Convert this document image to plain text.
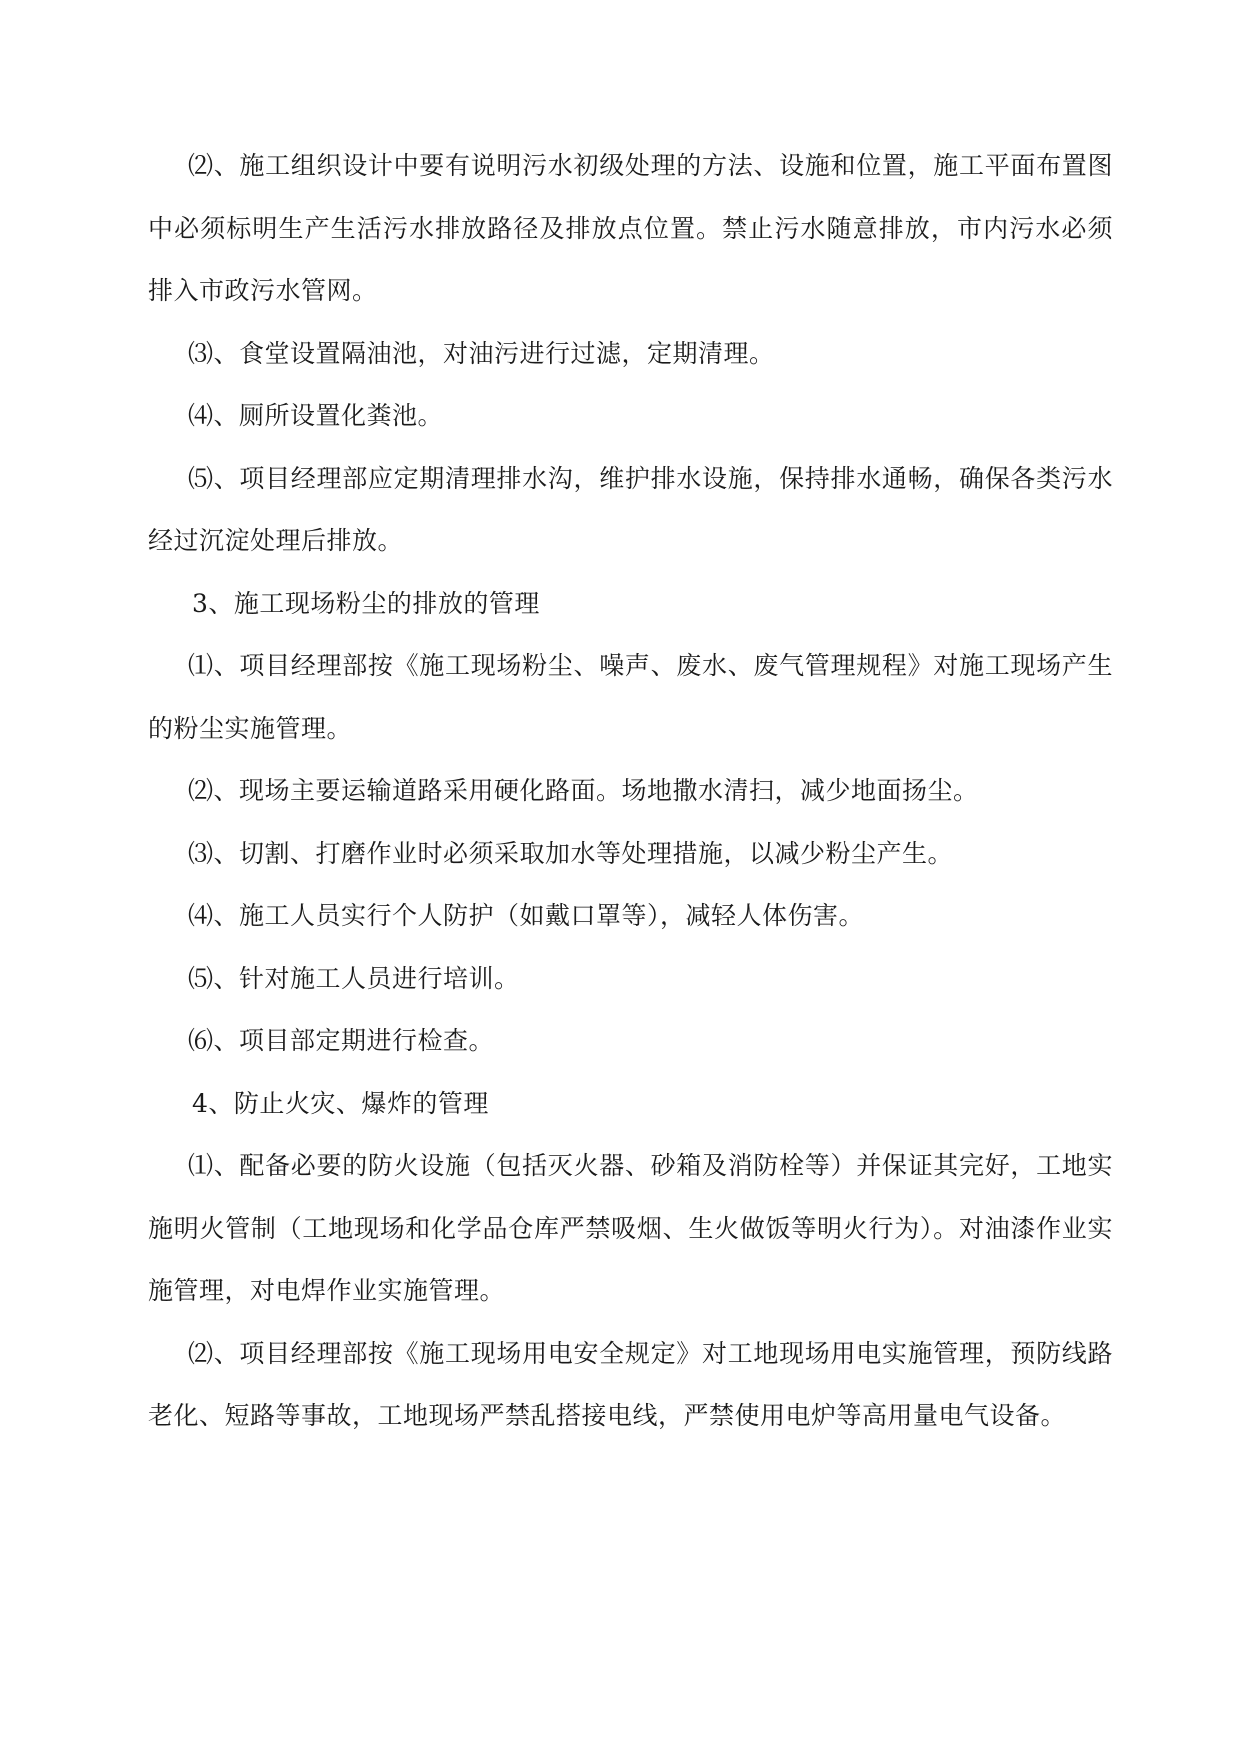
⑵、施工组织设计中要有说明污水初级处理的方法、设施和位置，施工平面布置图中必须标明生产生活污水排放路径及排放点位置。禁止污水随意排放，市内污水必须排入市政污水管网。

⑶、食堂设置隔油池，对油污进行过滤，定期清理。

⑷、厕所设置化粪池。

⑸、项目经理部应定期清理排水沟，维护排水设施，保持排水通畅，确保各类污水经过沉淀处理后排放。

3、施工现场粉尘的排放的管理

⑴、项目经理部按《施工现场粉尘、噪声、废水、废气管理规程》对施工现场产生的粉尘实施管理。

⑵、现场主要运输道路采用硬化路面。场地撒水清扫，减少地面扬尘。

⑶、切割、打磨作业时必须采取加水等处理措施，以减少粉尘产生。

⑷、施工人员实行个人防护（如戴口罩等），减轻人体伤害。

⑸、针对施工人员进行培训。

⑹、项目部定期进行检查。

4、防止火灾、爆炸的管理

⑴、配备必要的防火设施（包括灭火器、砂箱及消防栓等）并保证其完好，工地实施明火管制（工地现场和化学品仓库严禁吸烟、生火做饭等明火行为）。对油漆作业实施管理，对电焊作业实施管理。

⑵、项目经理部按《施工现场用电安全规定》对工地现场用电实施管理，预防线路老化、短路等事故，工地现场严禁乱搭接电线，严禁使用电炉等高用量电气设备。
